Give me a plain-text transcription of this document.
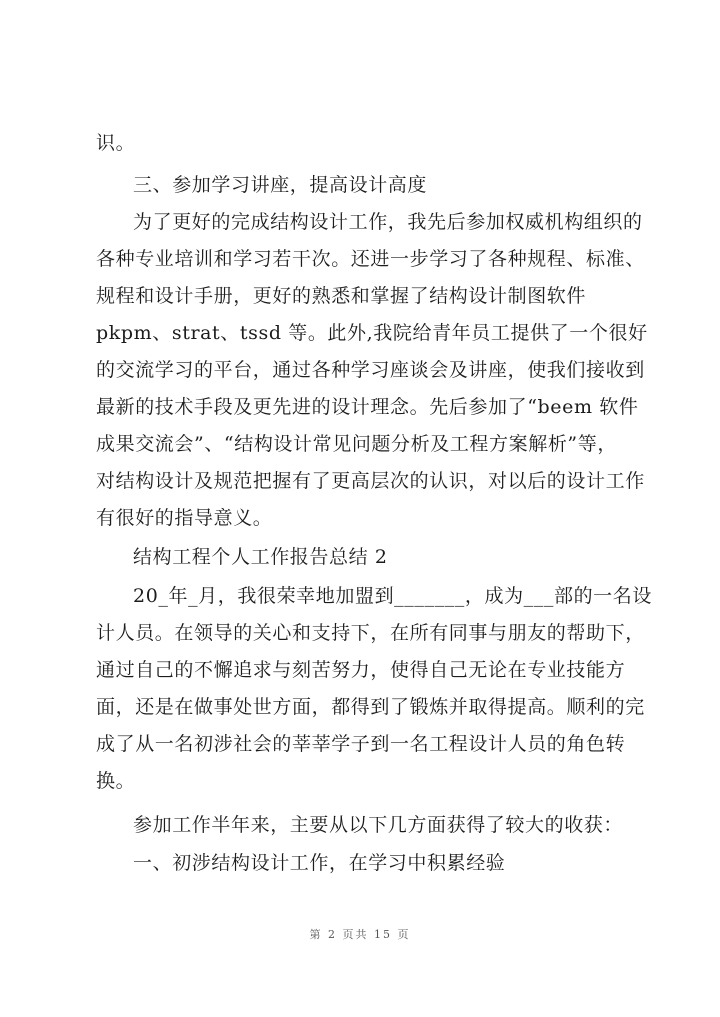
识。
三、参加学习讲座，提高设计高度
为了更好的完成结构设计工作，我先后参加权威机构组织的
各种专业培训和学习若干次。还进一步学习了各种规程、标准、
规程和设计手册，更好的熟悉和掌握了结构设计制图软件
pkpm、strat、tssd 等。此外,我院给青年员工提供了一个很好
的交流学习的平台，通过各种学习座谈会及讲座，使我们接收到
最新的技术手段及更先进的设计理念。先后参加了“beem 软件
成果交流会”、“结构设计常见问题分析及工程方案解析”等，
对结构设计及规范把握有了更高层次的认识，对以后的设计工作
有很好的指导意义。
结构工程个人工作报告总结 2
20_年_月，我很荣幸地加盟到_______，成为___部的一名设
计人员。在领导的关心和支持下，在所有同事与朋友的帮助下，
通过自己的不懈追求与刻苦努力，使得自己无论在专业技能方
面，还是在做事处世方面，都得到了锻炼并取得提高。顺利的完
成了从一名初涉社会的莘莘学子到一名工程设计人员的角色转
换。
参加工作半年来，主要从以下几方面获得了较大的收获：
一、初涉结构设计工作，在学习中积累经验
第 2 页共 15 页
